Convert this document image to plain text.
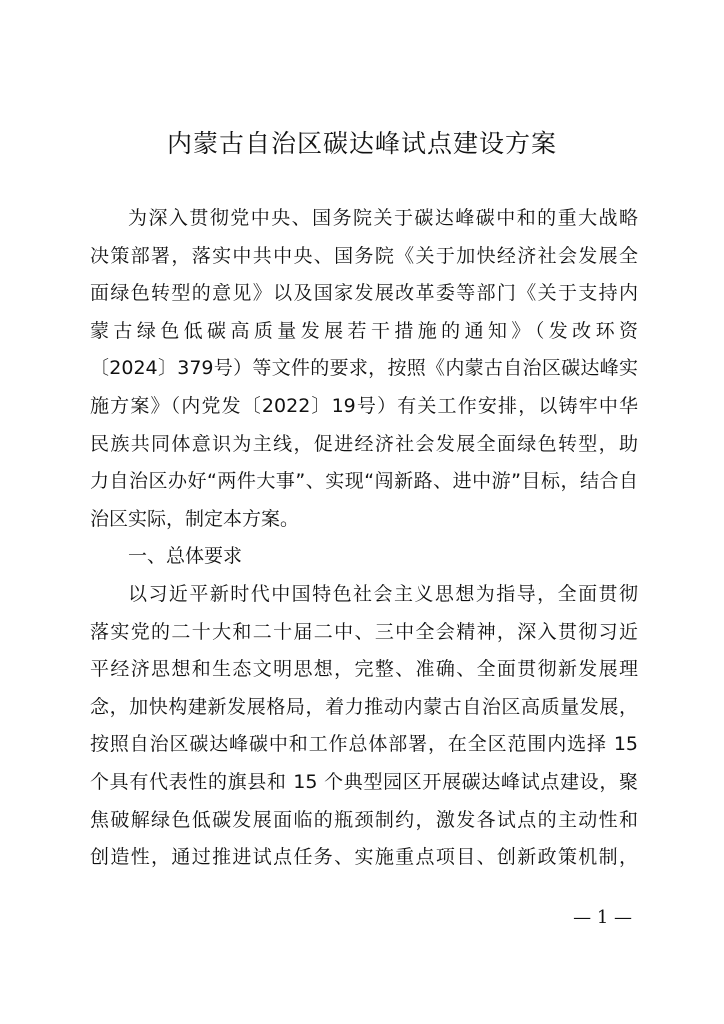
内蒙古自治区碳达峰试点建设方案
为深入贯彻党中央、国务院关于碳达峰碳中和的重大战略
决策部署，落实中共中央、国务院《关于加快经济社会发展全
面绿色转型的意见》以及国家发展改革委等部门《关于支持内
蒙古绿色低碳高质量发展若干措施的通知》（发改环资
〔2024〕379号）等文件的要求，按照《内蒙古自治区碳达峰实
施方案》（内党发〔2022〕19号）有关工作安排，以铸牢中华
民族共同体意识为主线，促进经济社会发展全面绿色转型，助
力自治区办好“两件大事”、实现“闯新路、进中游”目标，结合自
治区实际，制定本方案。
一、总体要求
以习近平新时代中国特色社会主义思想为指导，全面贯彻
落实党的二十大和二十届二中、三中全会精神，深入贯彻习近
平经济思想和生态文明思想，完整、准确、全面贯彻新发展理
念，加快构建新发展格局，着力推动内蒙古自治区高质量发展，
按照自治区碳达峰碳中和工作总体部署，在全区范围内选择 15
个具有代表性的旗县和 15 个典型园区开展碳达峰试点建设，聚
焦破解绿色低碳发展面临的瓶颈制约，激发各试点的主动性和
创造性，通过推进试点任务、实施重点项目、创新政策机制，
— 1 —
